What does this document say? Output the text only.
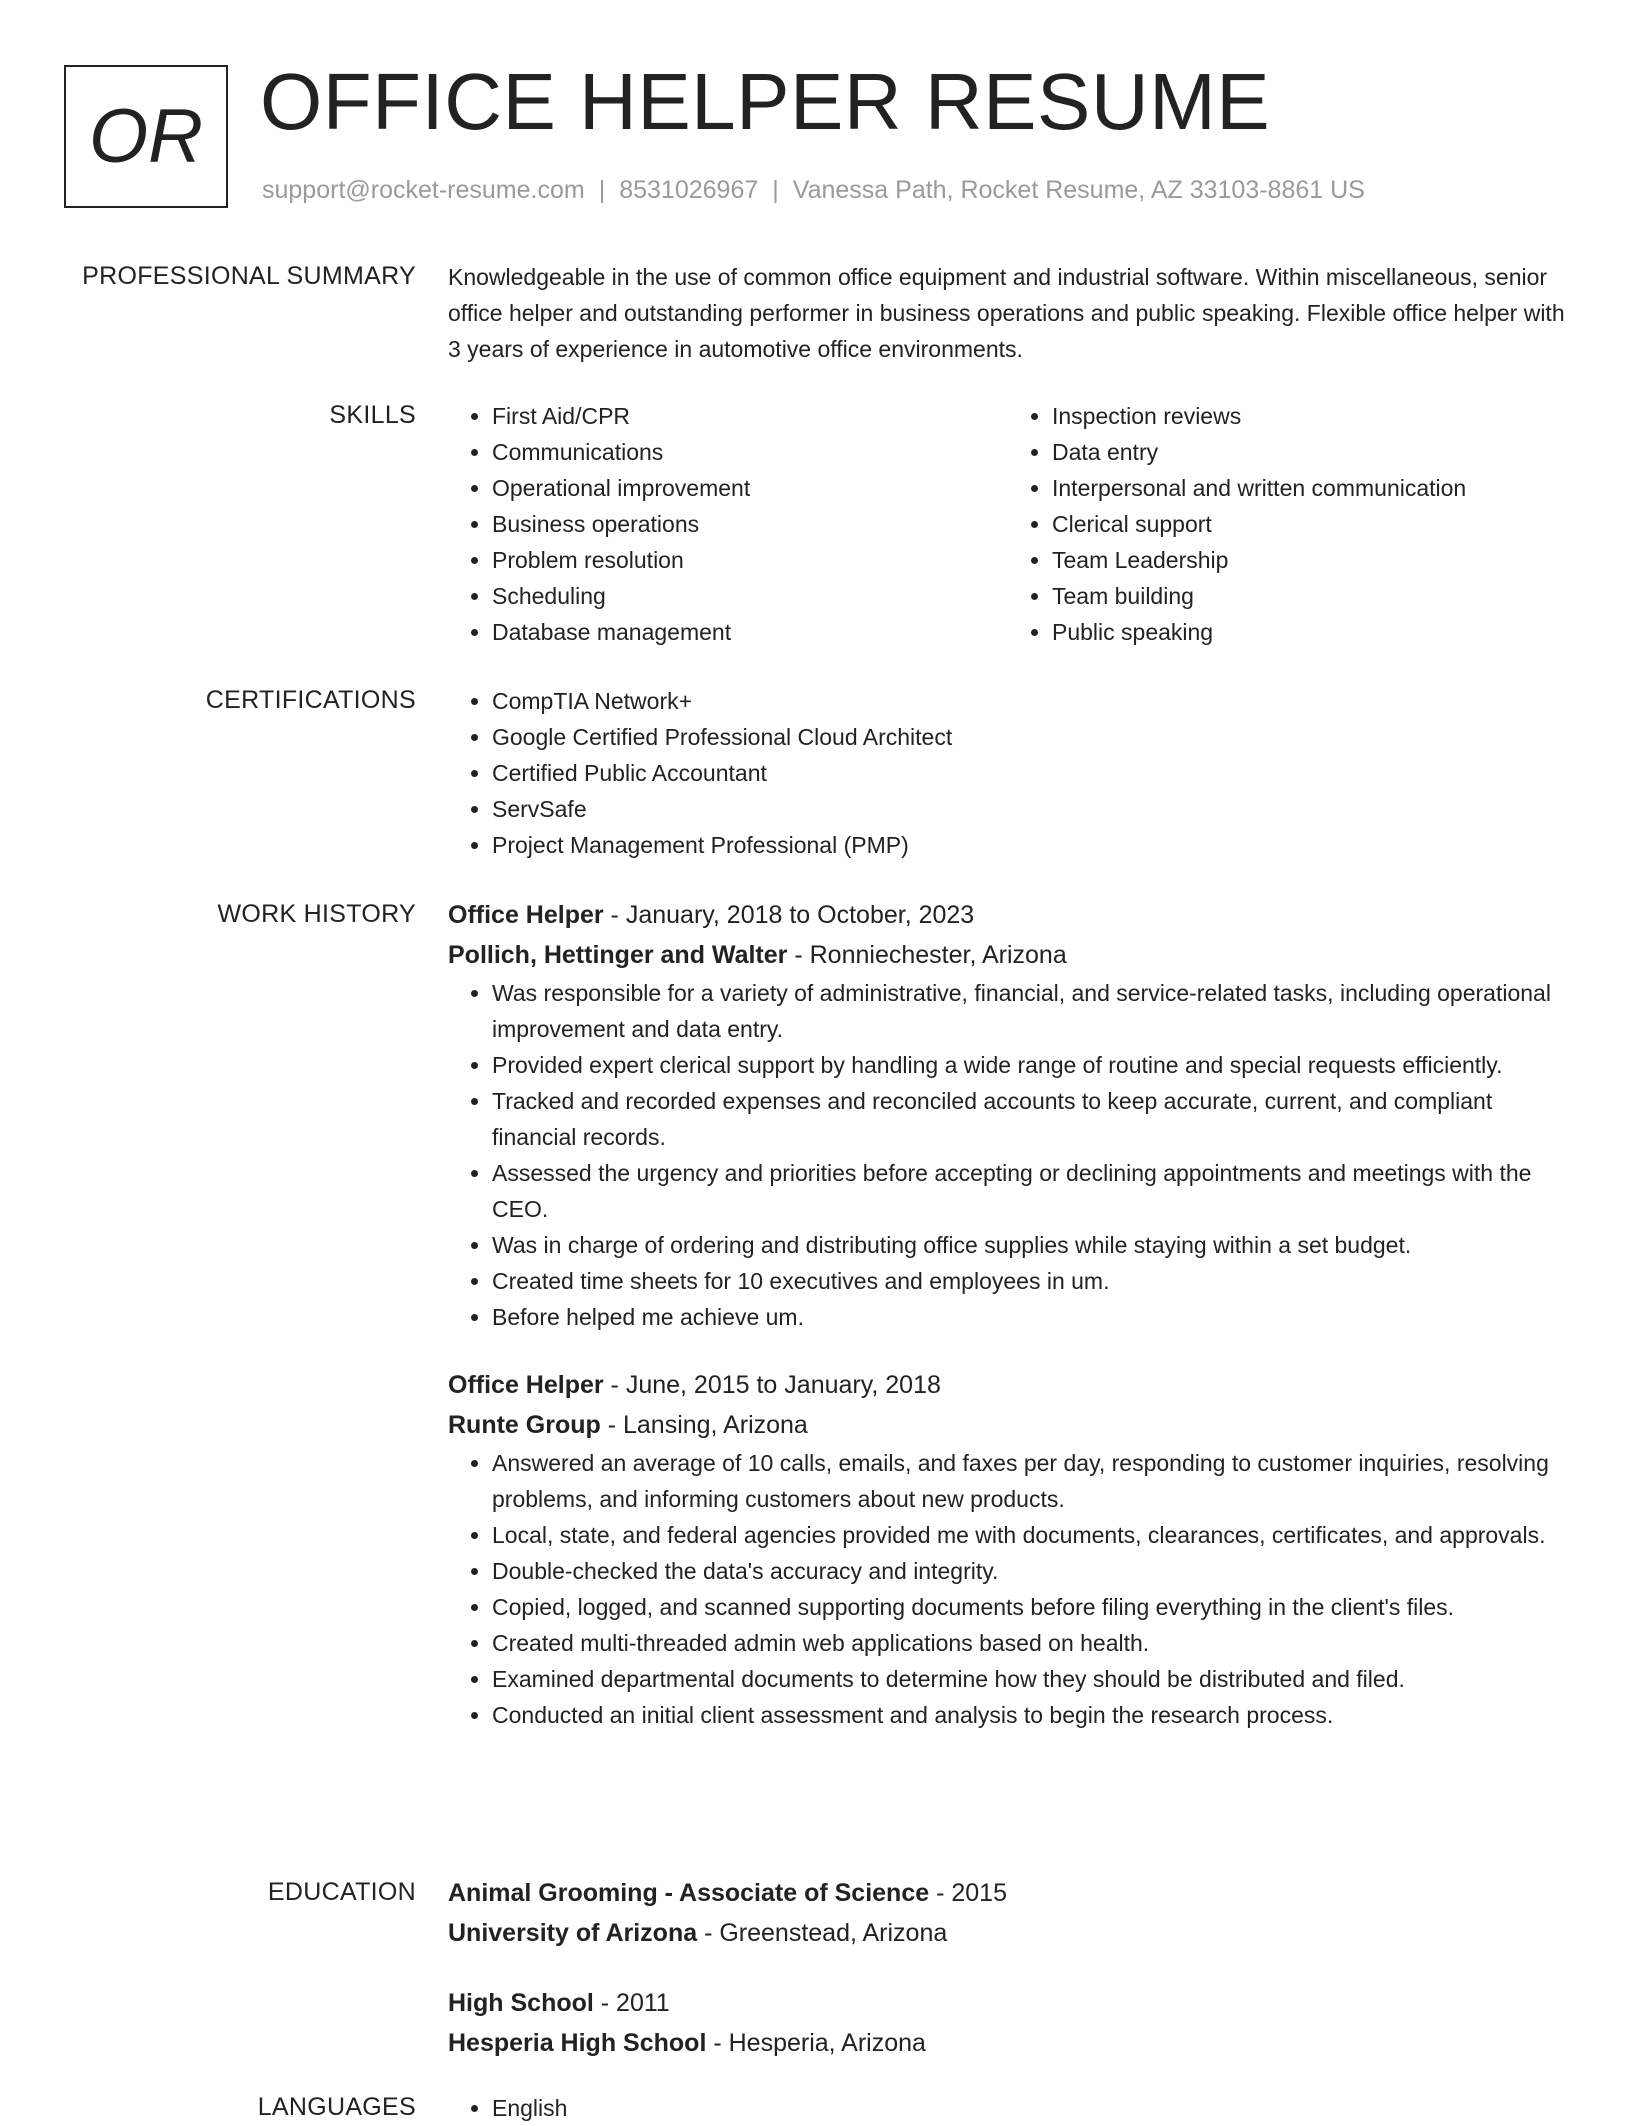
OR OFFICE HELPER RESUME
support@rocket-resume.com | 8531026967 | Vanessa Path, Rocket Resume, AZ 33103-8861 US
PROFESSIONAL SUMMARY Knowledgeable in the use of common office equipment and industrial software. Within miscellaneous, senior office helper and outstanding performer in business operations and public speaking. Flexible office helper with 3 years of experience in automotive office environments.

SKILLS	• First Aid/CPR
• Communications
• Operational improvement
• Business operations
• Problem resolution
• Scheduling
• Database management
• Inspection reviews
• Data entry
• Interpersonal and written communication
• Clerical support
• Team Leadership
• Team building
• Public speaking
CERTIFICATIONS	• CompTIA Network+
• Google Certified Professional Cloud Architect
• Certified Public Accountant
• ServSafe
• Project Management Professional (PMP)
WORK HISTORY Office Helper - January, 2018 to October, 2023
Pollich, Hettinger and Walter - Ronniechester, Arizona
• Was responsible for a variety of administrative, financial, and service-related tasks, including operational improvement and data entry.
• Provided expert clerical support by handling a wide range of routine and special requests efficiently.
• Tracked and recorded expenses and reconciled accounts to keep accurate, current, and compliant financial records.
• Assessed the urgency and priorities before accepting or declining appointments and meetings with the CEO.
• Was in charge of ordering and distributing office supplies while staying within a set budget.
• Created time sheets for 10 executives and employees in um.
• Before helped me achieve um.
Office Helper - June, 2015 to January, 2018
Runte Group - Lansing, Arizona
• Answered an average of 10 calls, emails, and faxes per day, responding to customer inquiries, resolving problems, and informing customers about new products.
• Local, state, and federal agencies provided me with documents, clearances, certificates, and approvals.
• Double-checked the data's accuracy and integrity.
• Copied, logged, and scanned supporting documents before filing everything in the client's files.
• Created multi-threaded admin web applications based on health.
• Examined departmental documents to determine how they should be distributed and filed.
• Conducted an initial client assessment and analysis to begin the research process.
EDUCATION Animal Grooming - Associate of Science - 2015
University of Arizona - Greenstead, Arizona
High School - 2011
Hesperia High School - Hesperia, Arizona
LANGUAGES	• English
